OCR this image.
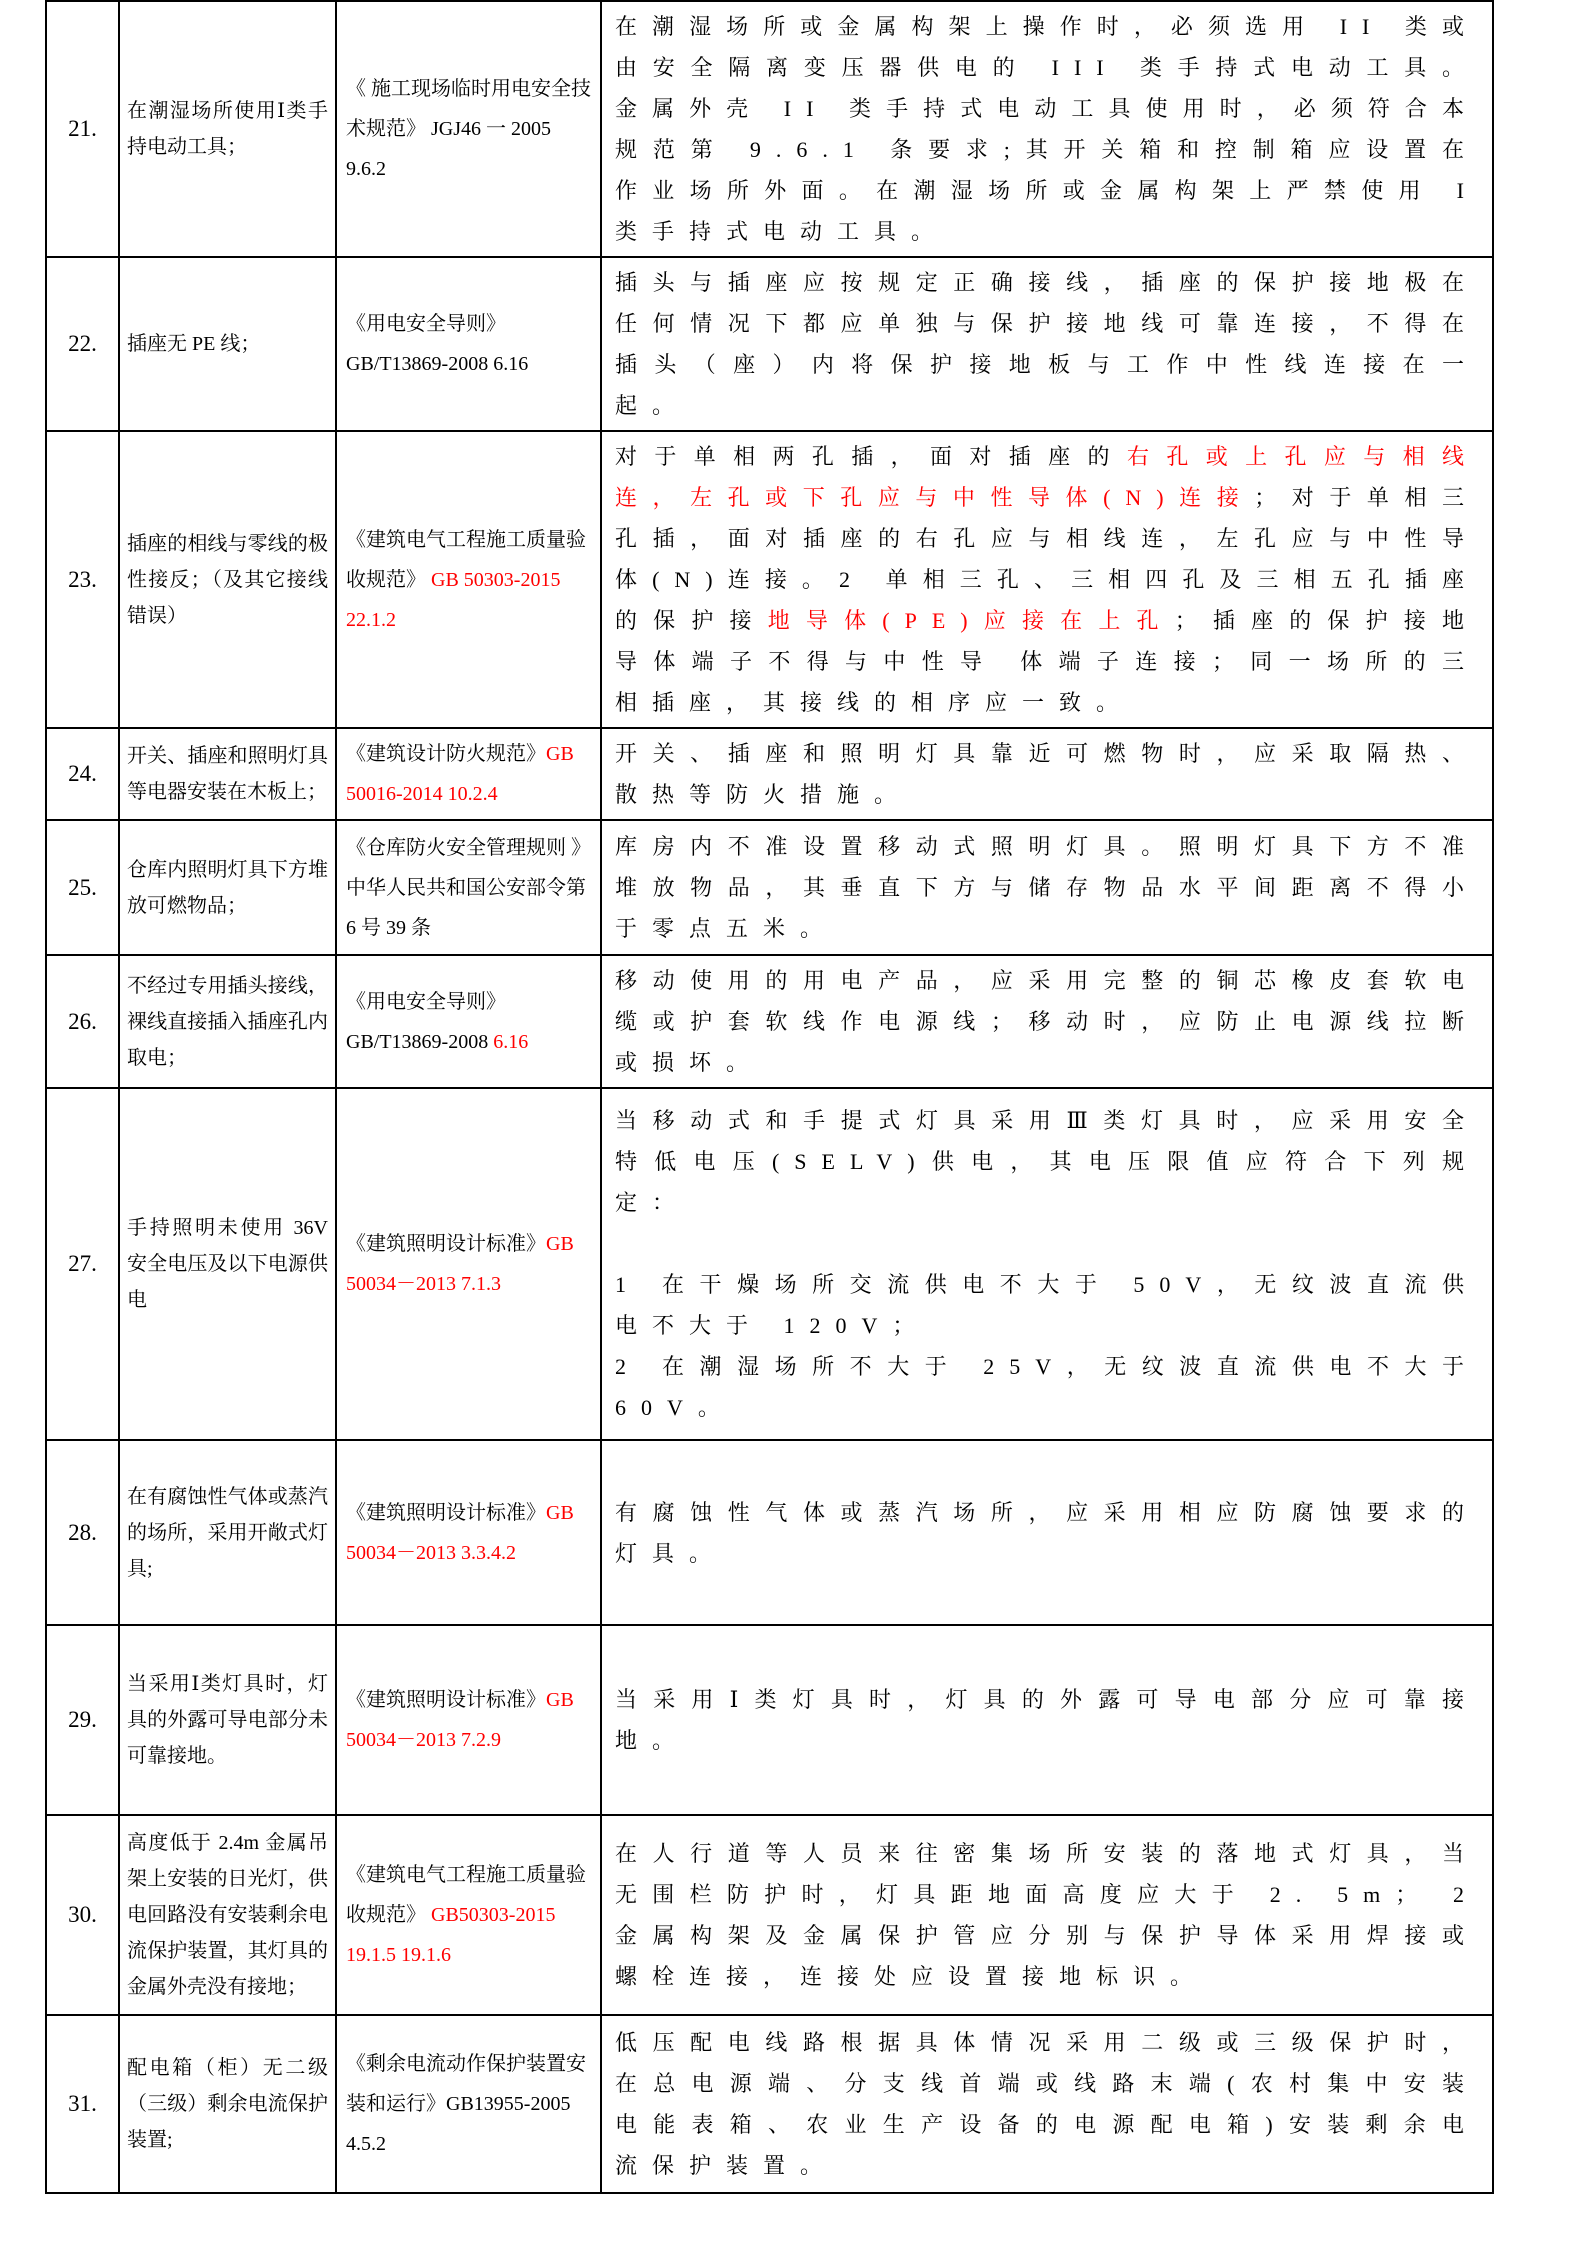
21.	在潮湿场所使用Ⅰ类手持电动工具；	《 施工现场临时用电安全技术规范》 JGJ46 一 2005 9.6.2	在潮湿场所或金属构架上操作时，必须选用 II 类或由安全隔离变压器供电的 III 类手持式电动工具。金属外壳 II 类手持式电动工具使用时，必须符合本规范第 9.6.1 条要求;其开关箱和控制箱应设置在作业场所外面。在潮湿场所或金属构架上严禁使用 I 类手持式电动工具。

22.	插座无 PE 线；	《用电安全导则》GB/T13869-2008 6.16	插头与插座应按规定正确接线，插座的保护接地极在任何情况下都应单独与保护接地线可靠连接，不得在插头（座）内将保护接地板与工作中性线连接在一起。

23.	插座的相线与零线的极性接反；（及其它接线错误）	《建筑电气工程施工质量验收规范》 GB 50303-2015 22.1.2	对于单相两孔插，面对插座的右孔或上孔应与相线连，左孔或下孔应与中性导体(N)连接；对于单相三孔插，面对插座的右孔应与相线连，左孔应与中性导体(N)连接。2 单相三孔、三相四孔及三相五孔插座的保护接地导体(PE)应接在上孔；插座的保护接地导体端子不得与中性导 体端子连接；同一场所的三相插座，其接线的相序应一致。

24.	开关、插座和照明灯具等电器安装在木板上；	《建筑设计防火规范》GB 50016-2014 10.2.4	开关、插座和照明灯具靠近可燃物时，应采取隔热、散热等防火措施。

25.	仓库内照明灯具下方堆放可燃物品；	《仓库防火安全管理规则 》中华人民共和国公安部令第 6 号 39 条	库房内不准设置移动式照明灯具。照明灯具下方不准堆放物品，其垂直下方与储存物品水平间距离不得小于零点五米。

26.	不经过专用插头接线，裸线直接插入插座孔内取电；	《用电安全导则》GB/T13869-2008 6.16	移动使用的用电产品，应采用完整的铜芯橡皮套软电缆或护套软线作电源线；移动时，应防止电源线拉断或损坏。

27.	手持照明未使用 36V 安全电压及以下电源供电	《建筑照明设计标准》GB 50034－2013 7.1.3	当移动式和手提式灯具采用Ⅲ类灯具时，应采用安全特低电压(SELV)供电，其电压限值应符合下列规定：
1 在干燥场所交流供电不大于 50V，无纹波直流供电不大于 120V；
2 在潮湿场所不大于 25V，无纹波直流供电不大于 60V。

28.	在有腐蚀性气体或蒸汽的场所，采用开敞式灯具;	《建筑照明设计标准》GB 50034－2013 3.3.4.2	有腐蚀性气体或蒸汽场所，应采用相应防腐蚀要求的灯具。

29.	当采用Ⅰ类灯具时，灯具的外露可导电部分未可靠接地。	《建筑照明设计标准》GB 50034－2013 7.2.9	当采用Ⅰ类灯具时，灯具的外露可导电部分应可靠接地。

30.	高度低于 2.4m 金属吊架上安装的日光灯，供电回路没有安装剩余电流保护装置，其灯具的金属外壳没有接地；	《建筑电气工程施工质量验收规范》 GB50303-2015 19.1.5 19.1.6	在人行道等人员来往密集场所安装的落地式灯具，当无围栏防护时，灯具距地面高度应大于 2. 5m； 2 金属构架及金属保护管应分别与保护导体采用焊接或螺栓连接，连接处应设置接地标识。

31.	配电箱（柜）无二级（三级）剩余电流保护装置;	《剩余电流动作保护装置安装和运行》GB13955-2005 4.5.2	低压配电线路根据具体情况采用二级或三级保护时，在总电源端、分支线首端或线路末端(农村集中安装电能表箱、农业生产设备的电源配电箱)安装剩余电流保护装置。
